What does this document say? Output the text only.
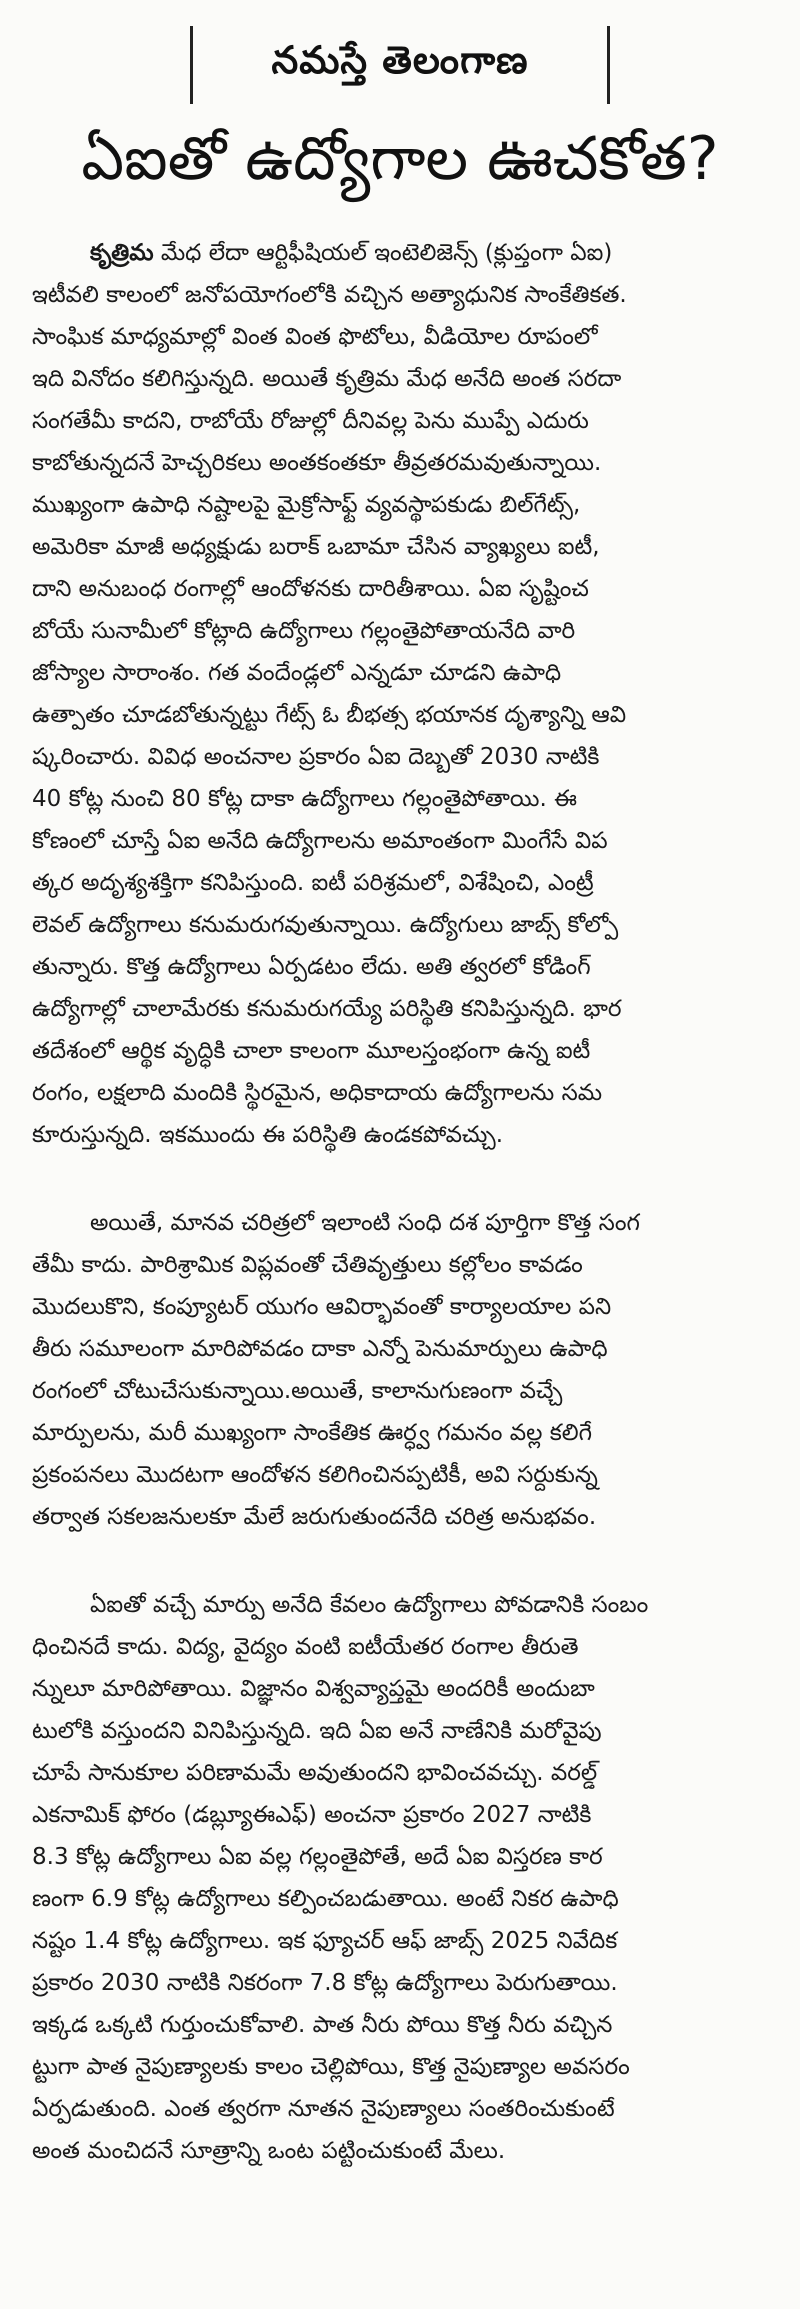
నమస్తే తెలంగాణ
ఏఐతో ఉద్యోగాల ఊచకోత?
కృత్రిమ మేధ లేదా ఆర్టిఫీషియల్ ఇంటెలిజెన్స్ (క్లుప్తంగా ఏఐ)
ఇటీవలి కాలంలో జనోపయోగంలోకి వచ్చిన అత్యాధునిక సాంకేతికత.
సాంఘిక మాధ్యమాల్లో వింత వింత ఫొటోలు, వీడియోల రూపంలో
ఇది వినోదం కలిగిస్తున్నది. అయితే కృత్రిమ మేధ అనేది అంత సరదా
సంగతేమీ కాదని, రాబోయే రోజుల్లో దీనివల్ల పెను ముప్పే ఎదురు
కాబోతున్నదనే హెచ్చరికలు అంతకంతకూ తీవ్రతరమవుతున్నాయి.
ముఖ్యంగా ఉపాధి నష్టాలపై మైక్రోసాఫ్ట్ వ్యవస్థాపకుడు బిల్‌గేట్స్,
అమెరికా మాజీ అధ్యక్షుడు బరాక్ ఒబామా చేసిన వ్యాఖ్యలు ఐటీ,
దాని అనుబంధ రంగాల్లో ఆందోళనకు దారితీశాయి. ఏఐ సృష్టించ
బోయే సునామీలో కోట్లాది ఉద్యోగాలు గల్లంతైపోతాయనేది వారి
జోస్యాల సారాంశం. గత వందేండ్లలో ఎన్నడూ చూడని ఉపాధి
ఉత్పాతం చూడబోతున్నట్టు గేట్స్ ఓ బీభత్స భయానక దృశ్యాన్ని ఆవి
ష్కరించారు. వివిధ అంచనాల ప్రకారం ఏఐ దెబ్బతో 2030 నాటికి
40 కోట్ల నుంచి 80 కోట్ల దాకా ఉద్యోగాలు గల్లంతైపోతాయి. ఈ
కోణంలో చూస్తే ఏఐ అనేది ఉద్యోగాలను అమాంతంగా మింగేసే విప
త్కర అదృశ్యశక్తిగా కనిపిస్తుంది. ఐటీ పరిశ్రమలో, విశేషించి, ఎంట్రీ
లెవల్ ఉద్యోగాలు కనుమరుగవుతున్నాయి. ఉద్యోగులు జాబ్స్ కోల్పో
తున్నారు. కొత్త ఉద్యోగాలు ఏర్పడటం లేదు. అతి త్వరలో కోడింగ్
ఉద్యోగాల్లో చాలామేరకు కనుమరుగయ్యే పరిస్థితి కనిపిస్తున్నది. భార
తదేశంలో ఆర్థిక వృద్ధికి చాలా కాలంగా మూలస్తంభంగా ఉన్న ఐటీ
రంగం, లక్షలాది మందికి స్థిరమైన, అధికాదాయ ఉద్యోగాలను సమ
కూరుస్తున్నది. ఇకముందు ఈ పరిస్థితి ఉండకపోవచ్చు.
అయితే, మానవ చరిత్రలో ఇలాంటి సంధి దశ పూర్తిగా కొత్త సంగ
తేమీ కాదు. పారిశ్రామిక విప్లవంతో చేతివృత్తులు కల్లోలం కావడం
మొదలుకొని, కంప్యూటర్ యుగం ఆవిర్భావంతో కార్యాలయాల పని
తీరు సమూలంగా మారిపోవడం దాకా ఎన్నో పెనుమార్పులు ఉపాధి
రంగంలో చోటుచేసుకున్నాయి.అయితే, కాలానుగుణంగా వచ్చే
మార్పులను, మరీ ముఖ్యంగా సాంకేతిక ఊర్ధ్వ గమనం వల్ల కలిగే
ప్రకంపనలు మొదటగా ఆందోళన కలిగించినప్పటికీ, అవి సర్దుకున్న
తర్వాత సకలజనులకూ మేలే జరుగుతుందనేది చరిత్ర అనుభవం.
ఏఐతో వచ్చే మార్పు అనేది కేవలం ఉద్యోగాలు పోవడానికి సంబం
ధించినదే కాదు. విద్య, వైద్యం వంటి ఐటీయేతర రంగాల తీరుతె
న్నులూ మారిపోతాయి. విజ్ఞానం విశ్వవ్యాప్తమై అందరికీ అందుబా
టులోకి వస్తుందని వినిపిస్తున్నది. ఇది ఏఐ అనే నాణేనికి మరోవైపు
చూపే సానుకూల పరిణామమే అవుతుందని భావించవచ్చు. వరల్డ్
ఎకనామిక్ ఫోరం (డబ్ల్యూఈఎఫ్) అంచనా ప్రకారం 2027 నాటికి
8.3 కోట్ల ఉద్యోగాలు ఏఐ వల్ల గల్లంతైపోతే, అదే ఏఐ విస్తరణ కార
ణంగా 6.9 కోట్ల ఉద్యోగాలు కల్పించబడుతాయి. అంటే నికర ఉపాధి
నష్టం 1.4 కోట్ల ఉద్యోగాలు. ఇక ఫ్యూచర్ ఆఫ్ జాబ్స్ 2025 నివేదిక
ప్రకారం 2030 నాటికి నికరంగా 7.8 కోట్ల ఉద్యోగాలు పెరుగుతాయి.
ఇక్కడ ఒక్కటి గుర్తుంచుకోవాలి. పాత నీరు పోయి కొత్త నీరు వచ్చిన
ట్టుగా పాత నైపుణ్యాలకు కాలం చెల్లిపోయి, కొత్త నైపుణ్యాల అవసరం
ఏర్పడుతుంది. ఎంత త్వరగా నూతన నైపుణ్యాలు సంతరించుకుంటే
అంత మంచిదనే సూత్రాన్ని ఒంట పట్టించుకుంటే మేలు.
